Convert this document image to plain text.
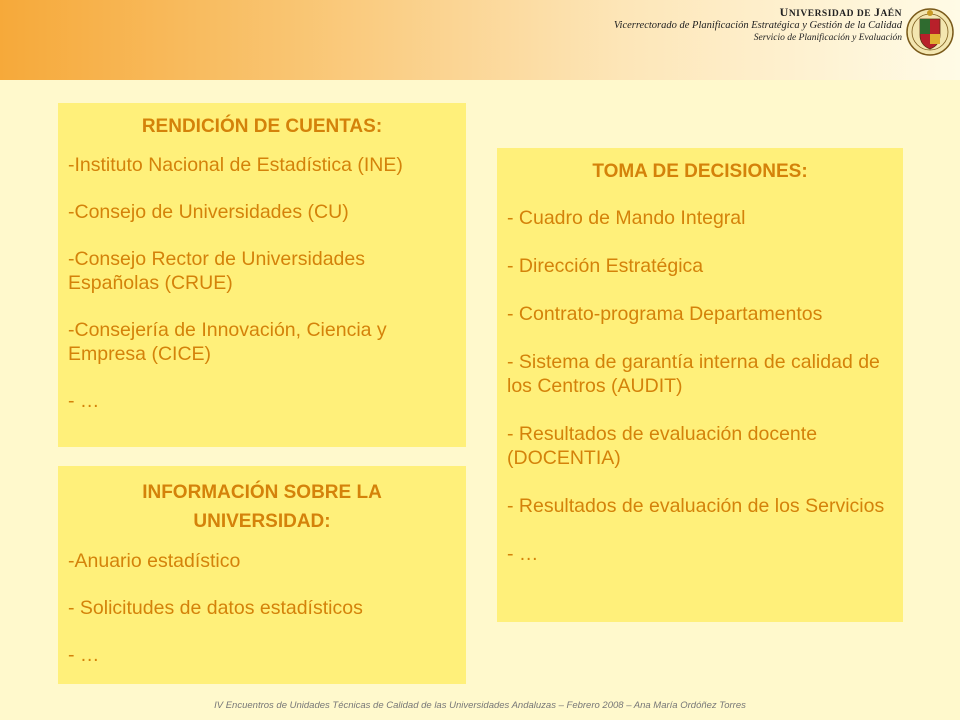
UNIVERSIDAD DE JAÉN
Vicerrectorado de Planificación Estratégica y Gestión de la Calidad
Servicio de Planificación y Evaluación
RENDICIÓN DE CUENTAS:

-Instituto Nacional de Estadística (INE)

-Consejo de Universidades (CU)

-Consejo Rector de Universidades Españolas (CRUE)

-Consejería de Innovación, Ciencia y Empresa (CICE)

- …

TOMA DE DECISIONES:

- Cuadro de Mando Integral

- Dirección Estratégica

- Contrato-programa Departamentos

- Sistema de garantía interna de calidad de los Centros (AUDIT)

- Resultados de evaluación docente (DOCENTIA)

- Resultados de evaluación de los Servicios

- …

INFORMACIÓN SOBRE LA UNIVERSIDAD:

-Anuario estadístico

- Solicitudes de datos estadísticos

- …

IV Encuentros de Unidades Técnicas de Calidad de las Universidades Andaluzas – Febrero 2008 – Ana María Ordóñez Torres
